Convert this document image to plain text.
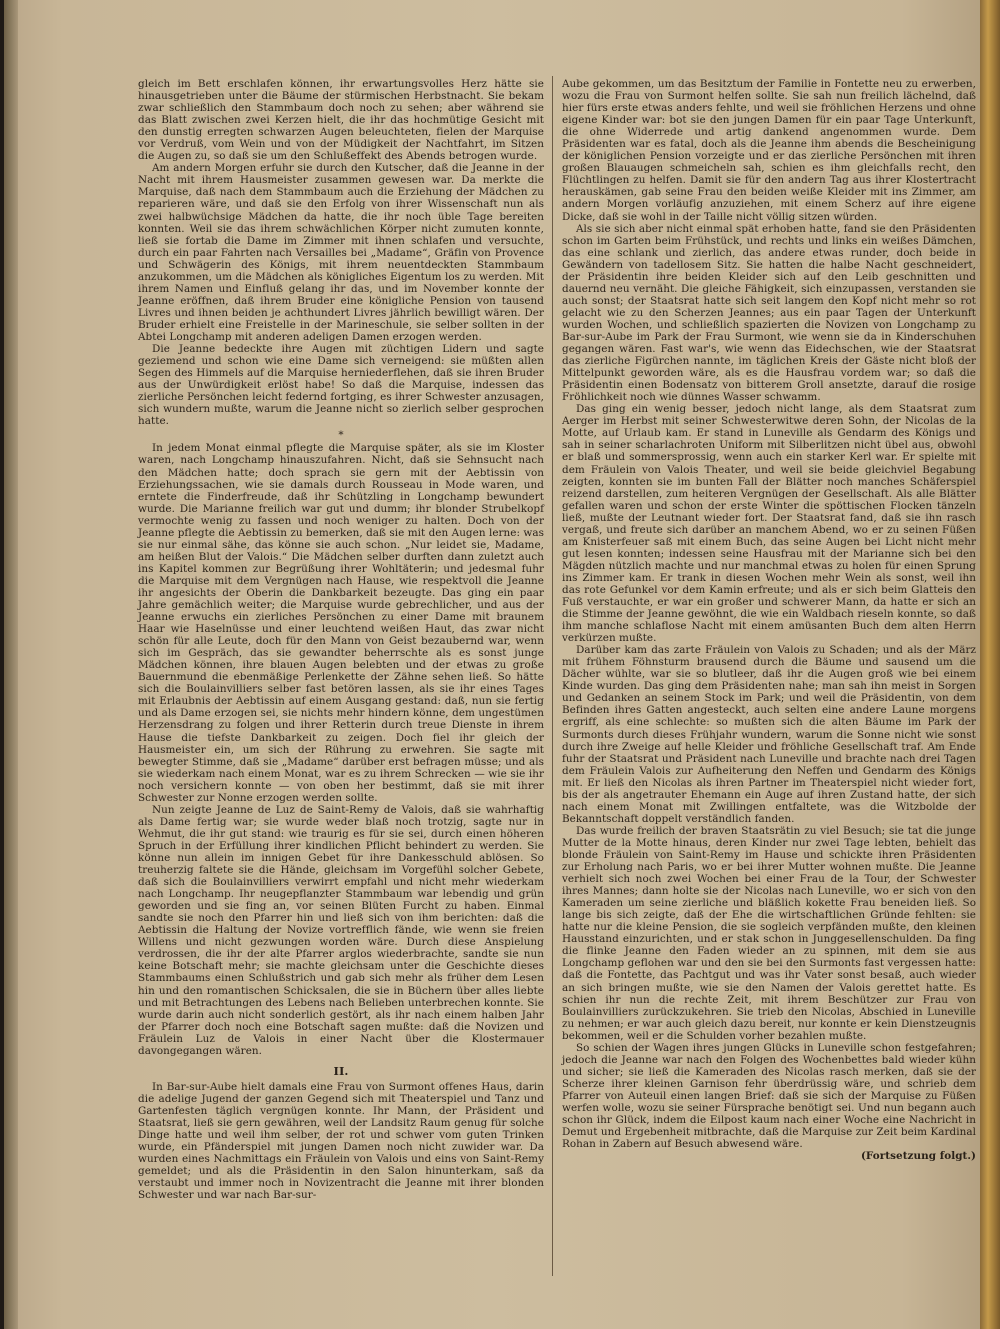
gleich im Bett erschlafen können, ihr erwartungsvolles Herz hätte sie hinausgetrieben unter die Bäume der stürmischen Herbstnacht. Sie bekam zwar schließlich den Stammbaum doch noch zu sehen; aber während sie das Blatt zwischen zwei Kerzen hielt, die ihr das hochmütige Gesicht mit den dunstig erregten schwarzen Augen beleuchteten, fielen der Marquise vor Verdruß, vom Wein und von der Müdigkeit der Nachtfahrt, im Sitzen die Augen zu, so daß sie um den Schlußeffekt des Abends betrogen wurde.

Am andern Morgen erfuhr sie durch den Kutscher, daß die Jeanne in der Nacht mit ihrem Hausmeister zusammen gewesen war. Da merkte die Marquise, daß nach dem Stammbaum auch die Erziehung der Mädchen zu reparieren wäre, und daß sie den Erfolg von ihrer Wissenschaft nun als zwei halbwüchsige Mädchen da hatte, die ihr noch üble Tage bereiten konnten. Weil sie das ihrem schwächlichen Körper nicht zumuten konnte, ließ sie fortab die Dame im Zimmer mit ihnen schlafen und versuchte, durch ein paar Fahrten nach Versailles bei „Madame“, Gräfin von Provence und Schwägerin des Königs, mit ihrem neuentdeckten Stammbaum anzukommen, um die Mädchen als königliches Eigentum los zu werden. Mit ihrem Namen und Einfluß gelang ihr das, und im November konnte der Jeanne eröffnen, daß ihrem Bruder eine königliche Pension von tausend Livres und ihnen beiden je achthundert Livres jährlich bewilligt wären. Der Bruder erhielt eine Freistelle in der Marineschule, sie selber sollten in der Abtei Longchamp mit anderen adeligen Damen erzogen werden.

Die Jeanne bedeckte ihre Augen mit züchtigen Lidern und sagte geziemend und schon wie eine Dame sich verneigend: sie müßten allen Segen des Himmels auf die Marquise herniederflehen, daß sie ihren Bruder aus der Unwürdigkeit erlöst habe! So daß die Marquise, indessen das zierliche Persönchen leicht federnd fortging, es ihrer Schwester anzusagen, sich wundern mußte, warum die Jeanne nicht so zierlich selber gesprochen hatte.

*

In jedem Monat einmal pflegte die Marquise später, als sie im Kloster waren, nach Longchamp hinauszufahren. Nicht, daß sie Sehnsucht nach den Mädchen hatte; doch sprach sie gern mit der Aebtissin von Erziehungssachen, wie sie damals durch Rousseau in Mode waren, und erntete die Finderfreude, daß ihr Schützling in Longchamp bewundert wurde. Die Marianne freilich war gut und dumm; ihr blonder Strubelkopf vermochte wenig zu fassen und noch weniger zu halten. Doch von der Jeanne pflegte die Aebtissin zu bemerken, daß sie mit den Augen lerne: was sie nur einmal sähe, das könne sie auch schon. „Nur leidet sie, Madame, am heißen Blut der Valois.“ Die Mädchen selber durften dann zuletzt auch ins Kapitel kommen zur Begrüßung ihrer Wohltäterin; und jedesmal fuhr die Marquise mit dem Vergnügen nach Hause, wie respektvoll die Jeanne ihr angesichts der Oberin die Dankbarkeit bezeugte. Das ging ein paar Jahre gemächlich weiter; die Marquise wurde gebrechlicher, und aus der Jeanne erwuchs ein zierliches Persönchen zu einer Dame mit braunem Haar wie Haselnüsse und einer leuchtend weißen Haut, das zwar nicht schön für alle Leute, doch für den Mann von Geist bezaubernd war, wenn sich im Gespräch, das sie gewandter beherrschte als es sonst junge Mädchen können, ihre blauen Augen belebten und der etwas zu große Bauernmund die ebenmäßige Perlenkette der Zähne sehen ließ. So hätte sich die Boulainvilliers selber fast betören lassen, als sie ihr eines Tages mit Erlaubnis der Aebtissin auf einem Ausgang gestand: daß, nun sie fertig und als Dame erzogen sei, sie nichts mehr hindern könne, dem ungestümen Herzensdrang zu folgen und ihrer Retterin durch treue Dienste in ihrem Hause die tiefste Dankbarkeit zu zeigen. Doch fiel ihr gleich der Hausmeister ein, um sich der Rührung zu erwehren. Sie sagte mit bewegter Stimme, daß sie „Madame“ darüber erst befragen müsse; und als sie wiederkam nach einem Monat, war es zu ihrem Schrecken — wie sie ihr noch versichern konnte — von oben her bestimmt, daß sie mit ihrer Schwester zur Nonne erzogen werden sollte.

Nun zeigte Jeanne de Luz de Saint-Remy de Valois, daß sie wahrhaftig als Dame fertig war; sie wurde weder blaß noch trotzig, sagte nur in Wehmut, die ihr gut stand: wie traurig es für sie sei, durch einen höheren Spruch in der Erfüllung ihrer kindlichen Pflicht behindert zu werden. Sie könne nun allein im innigen Gebet für ihre Dankesschuld ablösen. So treuherzig faltete sie die Hände, gleichsam im Vorgefühl solcher Gebete, daß sich die Boulainvilliers verwirrt empfahl und nicht mehr wiederkam nach Longchamp. Ihr neugepflanzter Stammbaum war lebendig und grün geworden und sie fing an, vor seinen Blüten Furcht zu haben. Einmal sandte sie noch den Pfarrer hin und ließ sich von ihm berichten: daß die Aebtissin die Haltung der Novize vortrefflich fände, wie wenn sie freien Willens und nicht gezwungen worden wäre. Durch diese Anspielung verdrossen, die ihr der alte Pfarrer arglos wiederbrachte, sandte sie nun keine Botschaft mehr; sie machte gleichsam unter die Geschichte dieses Stammbaums einen Schlußstrich und gab sich mehr als früher dem Lesen hin und den romantischen Schicksalen, die sie in Büchern über alles liebte und mit Betrachtungen des Lebens nach Belieben unterbrechen konnte. Sie wurde darin auch nicht sonderlich gestört, als ihr nach einem halben Jahr der Pfarrer doch noch eine Botschaft sagen mußte: daß die Novizen und Fräulein Luz de Valois in einer Nacht über die Klostermauer davongegangen wären.

II.

In Bar-sur-Aube hielt damals eine Frau von Surmont offenes Haus, darin die adelige Jugend der ganzen Gegend sich mit Theaterspiel und Tanz und Gartenfesten täglich vergnügen konnte. Ihr Mann, der Präsident und Staatsrat, ließ sie gern gewähren, weil der Landsitz Raum genug für solche Dinge hatte und weil ihm selber, der rot und schwer vom guten Trinken wurde, ein Pfänderspiel mit jungen Damen noch nicht zuwider war. Da wurden eines Nachmittags ein Fräulein von Valois und eins von Saint-Remy gemeldet; und als die Präsidentin in den Salon hinunterkam, saß da verstaubt und immer noch in Novizentracht die Jeanne mit ihrer blonden Schwester und war nach Bar-sur-

Aube gekommen, um das Besitztum der Familie in Fontette neu zu erwerben, wozu die Frau von Surmont helfen sollte. Sie sah nun freilich lächelnd, daß hier fürs erste etwas anders fehlte, und weil sie fröhlichen Herzens und ohne eigene Kinder war: bot sie den jungen Damen für ein paar Tage Unterkunft, die ohne Widerrede und artig dankend angenommen wurde. Dem Präsidenten war es fatal, doch als die Jeanne ihm abends die Bescheinigung der königlichen Pension vorzeigte und er das zierliche Persönchen mit ihren großen Blauaugen schmeicheln sah, schien es ihm gleichfalls recht, den Flüchtlingen zu helfen. Damit sie für den andern Tag aus ihrer Klostertracht herauskämen, gab seine Frau den beiden weiße Kleider mit ins Zimmer, am andern Morgen vorläufig anzuziehen, mit einem Scherz auf ihre eigene Dicke, daß sie wohl in der Taille nicht völlig sitzen würden.

Als sie sich aber nicht einmal spät erhoben hatte, fand sie den Präsidenten schon im Garten beim Frühstück, und rechts und links ein weißes Dämchen, das eine schlank und zierlich, das andere etwas runder, doch beide in Gewändern von tadellosem Sitz. Sie hatten die halbe Nacht geschneidert, der Präsidentin ihre beiden Kleider sich auf den Leib geschnitten und dauernd neu vernäht. Die gleiche Fähigkeit, sich einzupassen, verstanden sie auch sonst; der Staatsrat hatte sich seit langem den Kopf nicht mehr so rot gelacht wie zu den Scherzen Jeannes; aus ein paar Tagen der Unterkunft wurden Wochen, und schließlich spazierten die Novizen von Longchamp zu Bar-sur-Aube im Park der Frau Surmont, wie wenn sie da in Kinderschuhen gegangen wären. Fast war's, wie wenn das Eidechschen, wie der Staatsrat das zierliche Figürchen nannte, im täglichen Kreis der Gäste nicht bloß der Mittelpunkt geworden wäre, als es die Hausfrau vordem war; so daß die Präsidentin einen Bodensatz von bitterem Groll ansetzte, darauf die rosige Fröhlichkeit noch wie dünnes Wasser schwamm.

Das ging ein wenig besser, jedoch nicht lange, als dem Staatsrat zum Aerger im Herbst mit seiner Schwesterwitwe deren Sohn, der Nicolas de la Motte, auf Urlaub kam. Er stand in Luneville als Gendarm des Königs und sah in seiner scharlachroten Uniform mit Silberlitzen nicht übel aus, obwohl er blaß und sommersprossig, wenn auch ein starker Kerl war. Er spielte mit dem Fräulein von Valois Theater, und weil sie beide gleichviel Begabung zeigten, konnten sie im bunten Fall der Blätter noch manches Schäferspiel reizend darstellen, zum heiteren Vergnügen der Gesellschaft. Als alle Blätter gefallen waren und schon der erste Winter die spöttischen Flocken tänzeln ließ, mußte der Leutnant wieder fort. Der Staatsrat fand, daß sie ihn rasch vergaß, und freute sich darüber an manchem Abend, wo er zu seinen Füßen am Knisterfeuer saß mit einem Buch, das seine Augen bei Licht nicht mehr gut lesen konnten; indessen seine Hausfrau mit der Marianne sich bei den Mägden nützlich machte und nur manchmal etwas zu holen für einen Sprung ins Zimmer kam. Er trank in diesen Wochen mehr Wein als sonst, weil ihn das rote Gefunkel vor dem Kamin erfreute; und als er sich beim Glatteis den Fuß verstauchte, er war ein großer und schwerer Mann, da hatte er sich an die Stimme der Jeanne gewöhnt, die wie ein Waldbach rieseln konnte, so daß ihm manche schlaflose Nacht mit einem amüsanten Buch dem alten Herrn verkürzen mußte.

Darüber kam das zarte Fräulein von Valois zu Schaden; und als der März mit frühem Föhnsturm brausend durch die Bäume und sausend um die Dächer wühlte, war sie so blutleer, daß ihr die Augen groß wie bei einem Kinde wurden. Das ging dem Präsidenten nahe; man sah ihn meist in Sorgen und Gedanken an seinem Stock im Park; und weil die Präsidentin, von dem Befinden ihres Gatten angesteckt, auch selten eine andere Laune morgens ergriff, als eine schlechte: so mußten sich die alten Bäume im Park der Surmonts durch dieses Frühjahr wundern, warum die Sonne nicht wie sonst durch ihre Zweige auf helle Kleider und fröhliche Gesellschaft traf. Am Ende fuhr der Staatsrat und Präsident nach Luneville und brachte nach drei Tagen dem Fräulein Valois zur Aufheiterung den Neffen und Gendarm des Königs mit. Er ließ den Nicolas als ihren Partner im Theaterspiel nicht wieder fort, bis der als angetrauter Ehemann ein Auge auf ihren Zustand hatte, der sich nach einem Monat mit Zwillingen entfaltete, was die Witzbolde der Bekanntschaft doppelt verständlich fanden.

Das wurde freilich der braven Staatsrätin zu viel Besuch; sie tat die junge Mutter de la Motte hinaus, deren Kinder nur zwei Tage lebten, behielt das blonde Fräulein von Saint-Remy im Hause und schickte ihren Präsidenten zur Erholung nach Paris, wo er bei ihrer Mutter wohnen mußte. Die Jeanne verhielt sich noch zwei Wochen bei einer Frau de la Tour, der Schwester ihres Mannes; dann holte sie der Nicolas nach Luneville, wo er sich von den Kameraden um seine zierliche und bläßlich kokette Frau beneiden ließ. So lange bis sich zeigte, daß der Ehe die wirtschaftlichen Gründe fehlten: sie hatte nur die kleine Pension, die sie sogleich verpfänden mußte, den kleinen Hausstand einzurichten, und er stak schon in Junggesellenschulden. Da fing die flinke Jeanne den Faden wieder an zu spinnen, mit dem sie aus Longchamp geflohen war und den sie bei den Surmonts fast vergessen hatte: daß die Fontette, das Pachtgut und was ihr Vater sonst besaß, auch wieder an sich bringen mußte, wie sie den Namen der Valois gerettet hatte. Es schien ihr nun die rechte Zeit, mit ihrem Beschützer zur Frau von Boulainvilliers zurückzukehren. Sie trieb den Nicolas, Abschied in Luneville zu nehmen; er war auch gleich dazu bereit, nur konnte er kein Dienstzeugnis bekommen, weil er die Schulden vorher bezahlen mußte.

So schien der Wagen ihres jungen Glücks in Luneville schon festgefahren; jedoch die Jeanne war nach den Folgen des Wochenbettes bald wieder kühn und sicher; sie ließ die Kameraden des Nicolas rasch merken, daß sie der Scherze ihrer kleinen Garnison fehr überdrüssig wäre, und schrieb dem Pfarrer von Auteuil einen langen Brief: daß sie sich der Marquise zu Füßen werfen wolle, wozu sie seiner Fürsprache benötigt sei. Und nun begann auch schon ihr Glück, indem die Eilpost kaum nach einer Woche eine Nachricht in Demut und Ergebenheit mitbrachte, daß die Marquise zur Zeit beim Kardinal Rohan in Zabern auf Besuch abwesend wäre.

(Fortsetzung folgt.)
